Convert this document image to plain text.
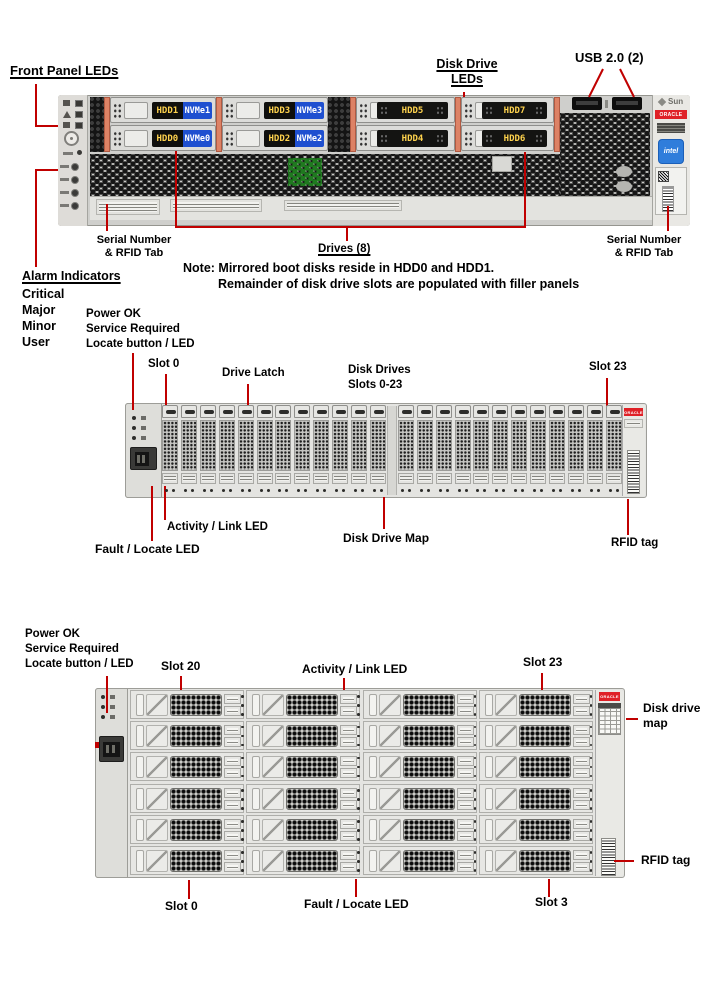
Sun
ORACLE
intel
ORACLE
ORACLE
Front Panel LEDs	Disk Drive
LEDs
USB 2.0 (2)
Serial Number
& RFID Tab	Drives (8)
Serial Number
& RFID Tab
Alarm Indicators
Critical
Major
Minor
User
Note: Mirrored boot disks reside in HDD0 and HDD1.
Remainder of disk drive slots are populated with filler panels
Power OK
Service Required
Locate button / LED
Slot 0
Drive Latch	Disk Drives
Slots 0-23
Slot 23
Activity / Link LED
Fault / Locate LED
Disk Drive Map	RFID tag
Power OK
Service Required
Locate button / LED Slot 20	Activity / Link LED	Slot 23
Disk drive
map
Slot 0	Fault / Locate LED	Slot 3
RFID tag
HDD1 NVMe1	HDD3 NVMe3	HDD5	HDD7
HDD0 NVMe0	HDD2 NVMe2	HDD4	HDD6
